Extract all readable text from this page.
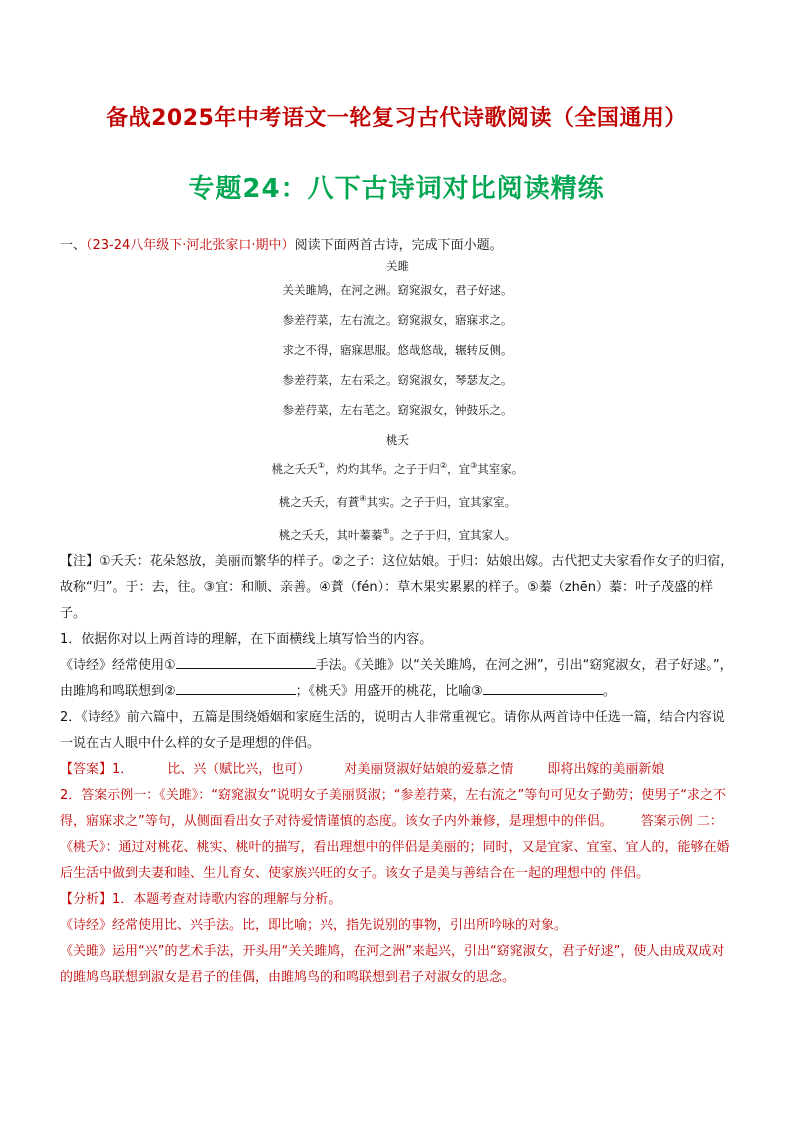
备战2025年中考语文一轮复习古代诗歌阅读（全国通用）
专题24：八下古诗词对比阅读精练

一、（23-24八年级下·河北张家口·期中）阅读下面两首古诗，完成下面小题。

关雎
关关雎鸠，在河之洲。窈窕淑女，君子好逑。
参差荇菜，左右流之。窈窕淑女，寤寐求之。
求之不得，寤寐思服。悠哉悠哉，辗转反侧。
参差荇菜，左右采之。窈窕淑女，琴瑟友之。
参差荇菜，左右芼之。窈窕淑女，钟鼓乐之。
桃夭
桃之夭夭①，灼灼其华。之子于归②，宜③其室家。
桃之夭夭，有蕡④其实。之子于归，宜其家室。
桃之夭夭，其叶蓁蓁⑤。之子于归，宜其家人。

【注】①夭夭：花朵怒放，美丽而繁华的样子。②之子：这位姑娘。于归：姑娘出嫁。古代把丈夫家看作女子的归宿，故称“归”。于：去，往。③宜：和顺、亲善。④蕡（fén）：草木果实累累的样子。⑤蓁（zhēn）蓁：叶子茂盛的样子。

1．依据你对以上两首诗的理解，在下面横线上填写恰当的内容。

《诗经》经常使用①	手法。《关雎》以“关关雎鸠，在河之洲”，引出“窈窕淑女，君子好逑。”，由雎鸠和鸣联想到②	；《桃夭》用盛开的桃花，比喻③	。

2．《诗经》前六篇中，五篇是围绕婚姻和家庭生活的，说明古人非常重视它。请你从两首诗中任选一篇，结合内容说一说在古人眼中什么样的女子是理想的伴侣。

【答案】1．	比、兴（赋比兴，也可）	对美丽贤淑好姑娘的爱慕之情	即将出嫁的美丽新娘

2．答案示例一：《关雎》：“窈窕淑女”说明女子美丽贤淑；“参差荇菜，左右流之”等句可见女子勤劳；使男子“求之不得，寤寐求之”等句，从侧面看出女子对待爱情谨慎的态度。该女子内外兼修，是理想中的伴侣。 答案示例 二：《桃夭》：通过对桃花、桃实、桃叶的描写，看出理想中的伴侣是美丽的；同时，又是宜家、宜室、宜人的，能够在婚后生活中做到夫妻和睦、生儿育女、使家族兴旺的女子。该女子是美与善结合在一起的理想中的 伴侣。

【分析】1．本题考查对诗歌内容的理解与分析。

《诗经》经常使用比、兴手法。比，即比喻；兴，指先说别的事物，引出所吟咏的对象。

《关雎》运用“兴”的艺术手法，开头用“关关雎鸠，在河之洲”来起兴，引出“窈窕淑女，君子好逑”，使人由成双成对的雎鸠鸟联想到淑女是君子的佳偶，由雎鸠鸟的和鸣联想到君子对淑女的思念。
